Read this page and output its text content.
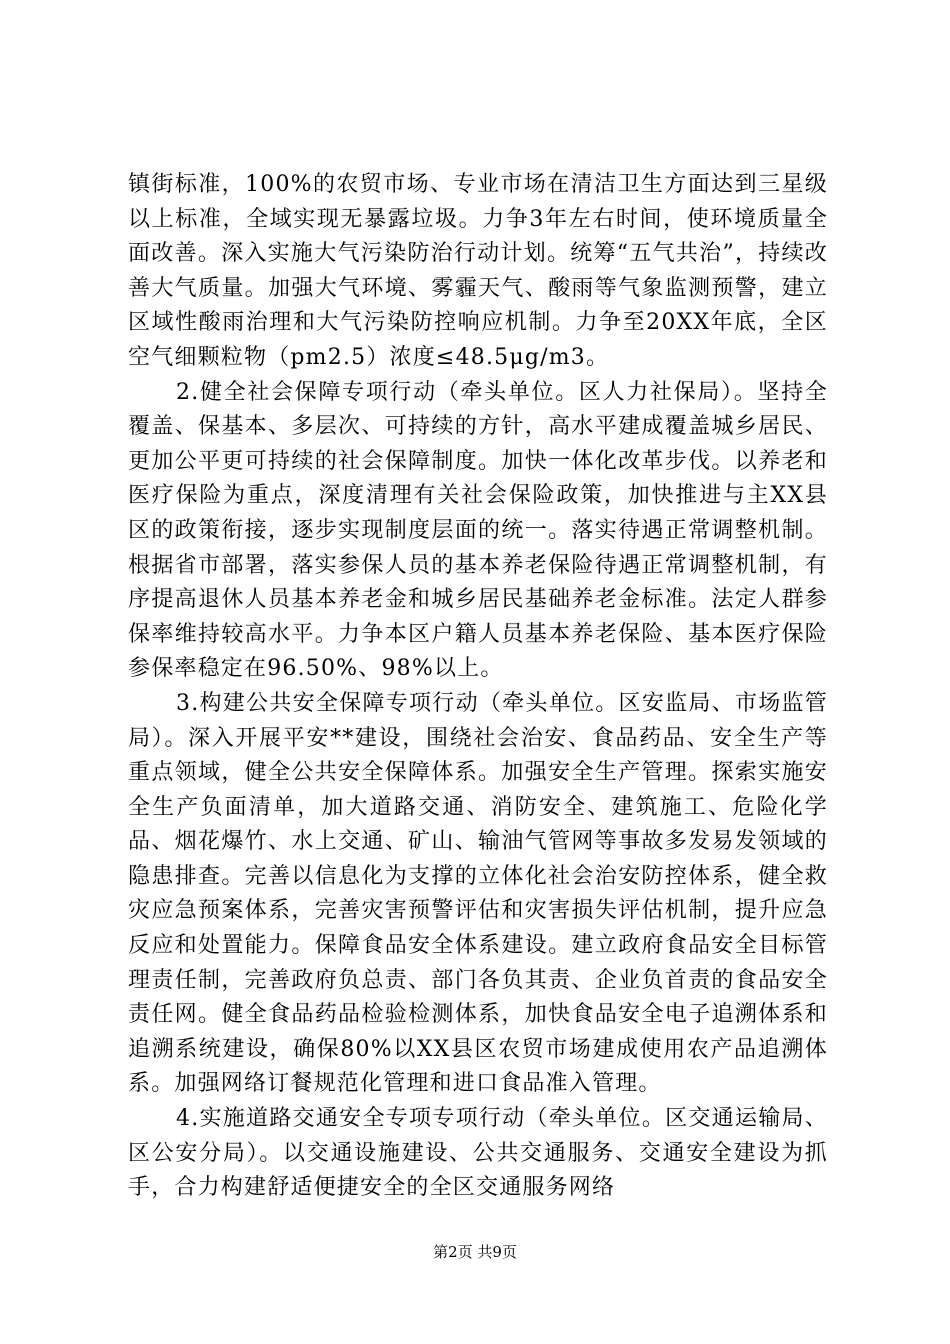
镇街标准，100%的农贸市场、专业市场在清洁卫生方面达到三星级以上标准，全域实现无暴露垃圾。力争3年左右时间，使环境质量全面改善。深入实施大气污染防治行动计划。统筹“五气共治”，持续改善大气质量。加强大气环境、雾霾天气、酸雨等气象监测预警，建立区域性酸雨治理和大气污染防控响应机制。力争至20XX年底，全区空气细颗粒物（pm2.5）浓度≤48.5μg/m3。

2.健全社会保障专项行动（牵头单位。区人力社保局）。坚持全覆盖、保基本、多层次、可持续的方针，高水平建成覆盖城乡居民、更加公平更可持续的社会保障制度。加快一体化改革步伐。以养老和医疗保险为重点，深度清理有关社会保险政策，加快推进与主XX县区的政策衔接，逐步实现制度层面的统一。落实待遇正常调整机制。根据省市部署，落实参保人员的基本养老保险待遇正常调整机制，有序提高退休人员基本养老金和城乡居民基础养老金标准。法定人群参保率维持较高水平。力争本区户籍人员基本养老保险、基本医疗保险参保率稳定在96.50%、98%以上。

3.构建公共安全保障专项行动（牵头单位。区安监局、市场监管局）。深入开展平安**建设，围绕社会治安、食品药品、安全生产等重点领域，健全公共安全保障体系。加强安全生产管理。探索实施安全生产负面清单，加大道路交通、消防安全、建筑施工、危险化学品、烟花爆竹、水上交通、矿山、输油气管网等事故多发易发领域的隐患排查。完善以信息化为支撑的立体化社会治安防控体系，健全救灾应急预案体系，完善灾害预警评估和灾害损失评估机制，提升应急反应和处置能力。保障食品安全体系建设。建立政府食品安全目标管理责任制，完善政府负总责、部门各负其责、企业负首责的食品安全责任网。健全食品药品检验检测体系，加快食品安全电子追溯体系和追溯系统建设，确保80%以XX县区农贸市场建成使用农产品追溯体系。加强网络订餐规范化管理和进口食品准入管理。

4.实施道路交通安全专项专项行动（牵头单位。区交通运输局、区公安分局）。以交通设施建设、公共交通服务、交通安全建设为抓手，合力构建舒适便捷安全的全区交通服务网络

第2页 共9页
